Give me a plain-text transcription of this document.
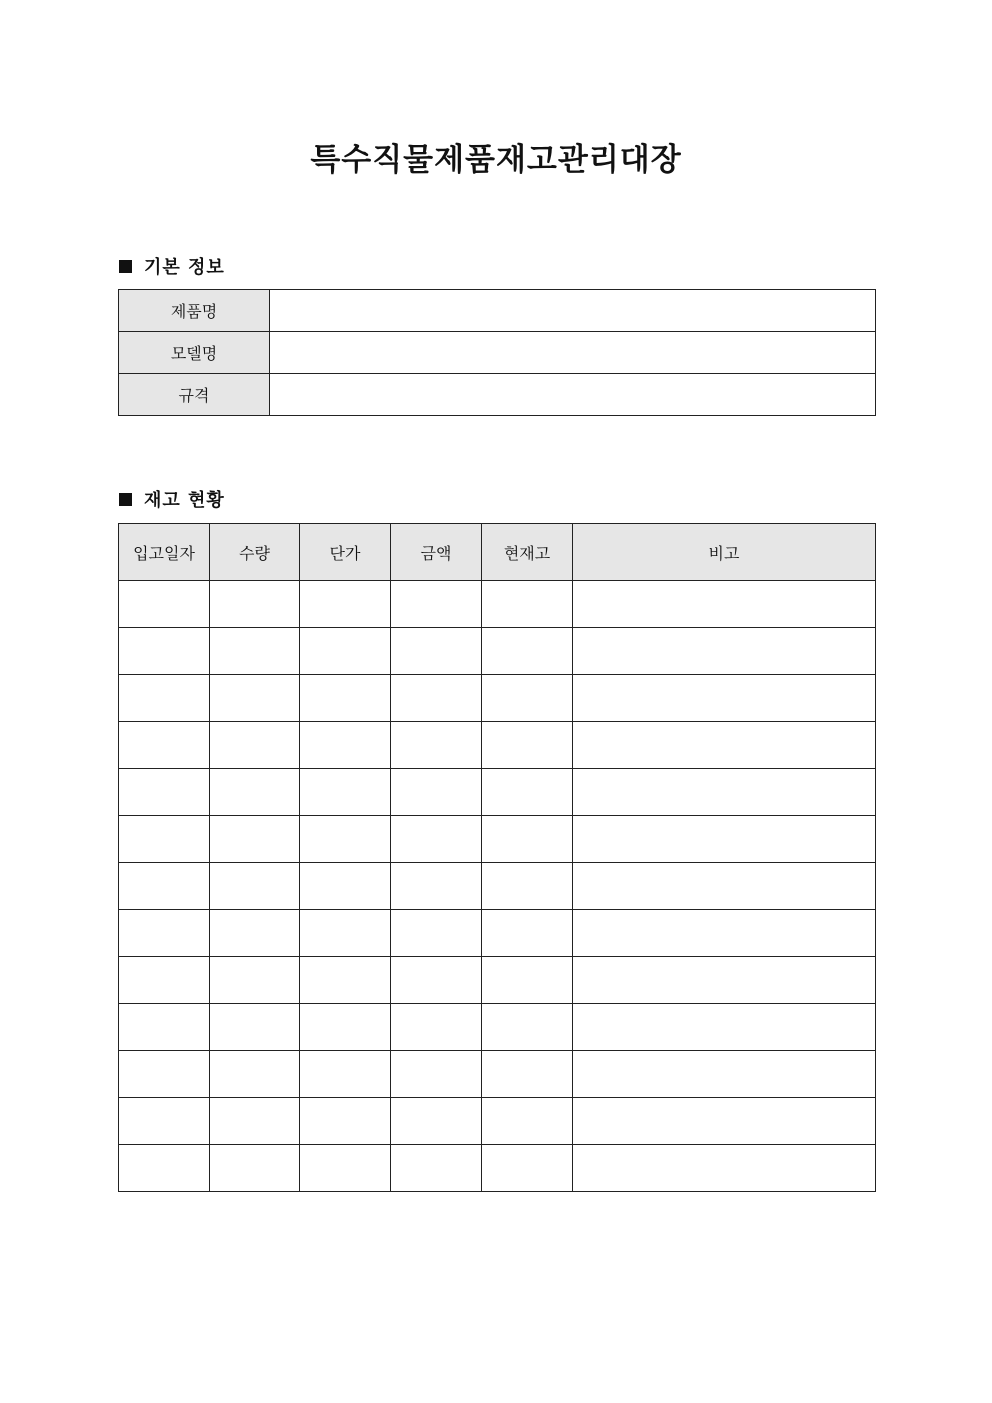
특수직물제품재고관리대장
기본 정보
제품명	
모델명	
규격	
재고 현황
입고일자	수량	단가	금액	현재고	비고
